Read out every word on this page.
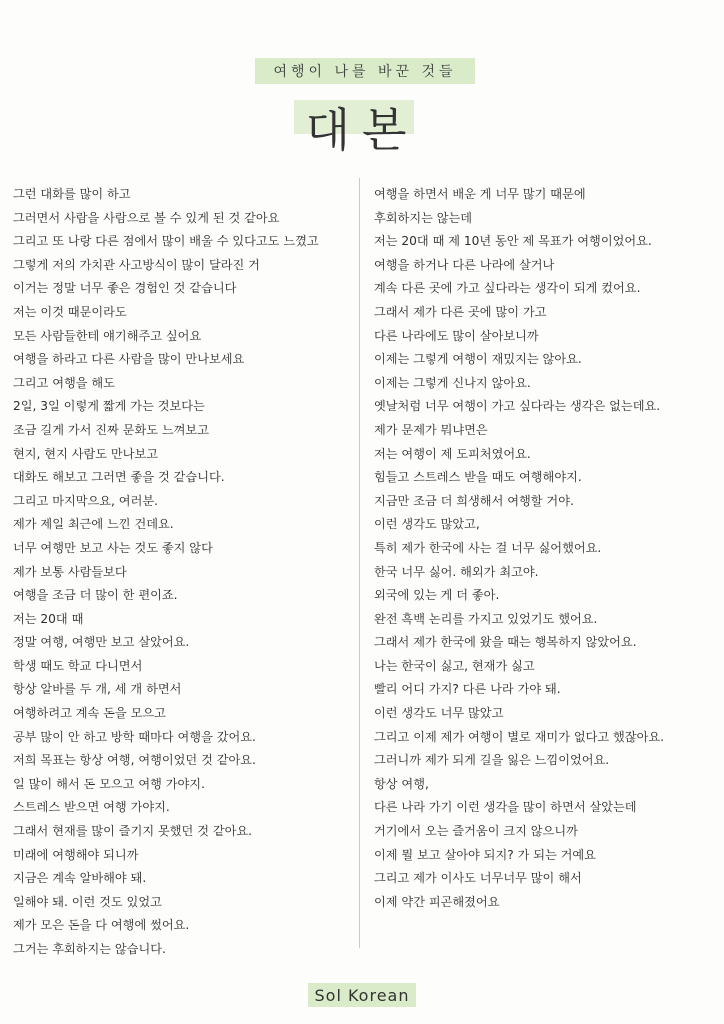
여행이 나를 바꾼 것들
대본
그런 대화를 많이 하고
그러면서 사람을 사람으로 볼 수 있게 된 것 같아요
그리고 또 나랑 다른 점에서 많이 배울 수 있다고도 느꼈고
그렇게 저의 가치관 사고방식이 많이 달라진 거
이거는 정말 너무 좋은 경험인 것 같습니다
저는 이것 때문이라도
모든 사람들한테 얘기해주고 싶어요
여행을 하라고 다른 사람을 많이 만나보세요
그리고 여행을 해도
2일, 3일 이렇게 짧게 가는 것보다는
조금 길게 가서 진짜 문화도 느껴보고
현지, 현지 사람도 만나보고
대화도 해보고 그러면 좋을 것 같습니다.
그리고 마지막으요, 여러분.
제가 제일 최근에 느낀 건데요.
너무 여행만 보고 사는 것도 좋지 않다
제가 보통 사람들보다
여행을 조금 더 많이 한 편이죠.
저는 20대 때
정말 여행, 여행만 보고 살았어요.
학생 때도 학교 다니면서
항상 알바를 두 개, 세 개 하면서
여행하려고 계속 돈을 모으고
공부 많이 안 하고 방학 때마다 여행을 갔어요.
저희 목표는 항상 여행, 여행이었던 것 같아요.
일 많이 해서 돈 모으고 여행 가야지.
스트레스 받으면 여행 가야지.
그래서 현재를 많이 즐기지 못했던 것 같아요.
미래에 여행해야 되니까
지금은 계속 알바해야 돼.
일해야 돼. 이런 것도 있었고
제가 모은 돈을 다 여행에 썼어요.
그거는 후회하지는 않습니다.
여행을 하면서 배운 게 너무 많기 때문에
후회하지는 않는데
저는 20대 때 제 10년 동안 제 목표가 여행이었어요.
여행을 하거나 다른 나라에 살거나
계속 다른 곳에 가고 싶다라는 생각이 되게 컸어요.
그래서 제가 다른 곳에 많이 가고
다른 나라에도 많이 살아보니까
이제는 그렇게 여행이 재밌지는 않아요.
이제는 그렇게 신나지 않아요.
옛날처럼 너무 여행이 가고 싶다라는 생각은 없는데요.
제가 문제가 뭐냐면은
저는 여행이 제 도피처였어요.
힘들고 스트레스 받을 때도 여행해야지.
지금만 조금 더 희생해서 여행할 거야.
이런 생각도 많았고,
특히 제가 한국에 사는 걸 너무 싫어했어요.
한국 너무 싫어. 해외가 최고야.
외국에 있는 게 더 좋아.
완전 흑백 논리를 가지고 있었기도 했어요.
그래서 제가 한국에 왔을 때는 행복하지 않았어요.
나는 한국이 싫고, 현재가 싫고
빨리 어디 가지? 다른 나라 가야 돼.
이런 생각도 너무 많았고
그리고 이제 제가 여행이 별로 재미가 없다고 했잖아요.
그러니까 제가 되게 길을 잃은 느낌이었어요.
항상 여행,
다른 나라 가기 이런 생각을 많이 하면서 살았는데
거기에서 오는 즐거움이 크지 않으니까
이제 뭘 보고 살아야 되지? 가 되는 거예요
그리고 제가 이사도 너무너무 많이 해서
이제 약간 피곤해졌어요
Sol Korean
